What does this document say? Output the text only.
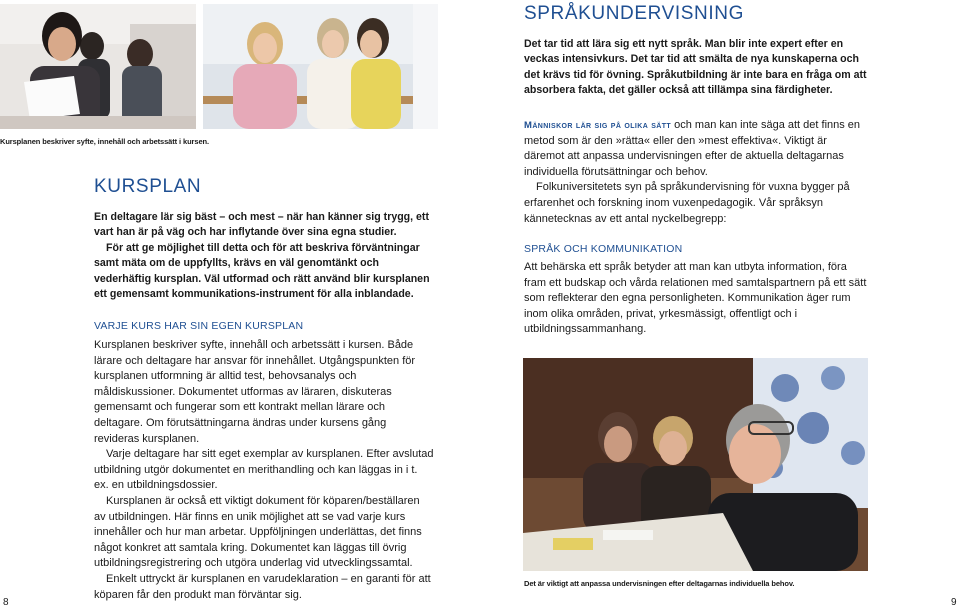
Kursplanen beskriver syfte, innehåll och arbetssätt i kursen.
KURSPLAN

En deltagare lär sig bäst – och mest – när han känner sig trygg, ett vart han är på väg och har inflytande över sina egna studier.

För att ge möjlighet till detta och för att beskriva förväntningar samt mäta om de uppfyllts, krävs en väl genomtänkt och vederhäftig kursplan. Väl utformad och rätt använd blir kursplanen ett gemensamt kommunikations-instrument för alla inblandade.

VARJE KURS HAR SIN EGEN KURSPLAN

Kursplanen beskriver syfte, innehåll och arbetssätt i kursen. Både lärare och deltagare har ansvar för innehållet. Utgångspunkten för kursplanen utformning är alltid test, behovsanalys och måldiskussioner. Dokumentet utformas av läraren, diskuteras gemensamt och fungerar som ett kontrakt mellan lärare och deltagare. Om förutsättningarna ändras under kursens gång revideras kursplanen.

Varje deltagare har sitt eget exemplar av kursplanen. Efter avslutad utbildning utgör dokumentet en merithandling och kan läggas in i t. ex. en utbildningsdossier.

Kursplanen är också ett viktigt dokument för köparen/beställaren av utbildningen. Här finns en unik möjlighet att se vad varje kurs innehåller och hur man arbetar. Uppföljningen underlättas, det finns något konkret att samtala kring. Dokumentet kan läggas till övrig utbildningsregistrering och utgöra underlag vid utvecklingssamtal.

Enkelt uttryckt är kursplanen en varudeklaration – en garanti för att köparen får den produkt man förväntar sig.

8
SPRÅKUNDERVISNING

Det tar tid att lära sig ett nytt språk. Man blir inte expert efter en veckas intensivkurs. Det tar tid att smälta de nya kunskaperna och det krävs tid för övning. Språkutbildning är inte bara en fråga om att absorbera fakta, det gäller också att tillämpa sina färdigheter.

Människor lär sig på olika sätt och man kan inte säga att det finns en metod som är den »rätta« eller den »mest effektiva«. Viktigt är däremot att anpassa undervisningen efter de aktuella deltagarnas individuella förutsättningar och behov.

Folkuniversitetets syn på språkundervisning för vuxna bygger på erfarenhet och forskning inom vuxenpedagogik. Vår språksyn kännetecknas av ett antal nyckelbegrepp:

SPRÅK OCH KOMMUNIKATION

Att behärska ett språk betyder att man kan utbyta information, föra fram ett budskap och vårda relationen med samtalspartnern på ett sätt som reflekterar den egna personligheten. Kommunikation äger rum inom olika områden, privat, yrkesmässigt, offentligt och i utbildningssammanhang.

Det är viktigt att anpassa undervisningen efter deltagarnas individuella behov.
9
